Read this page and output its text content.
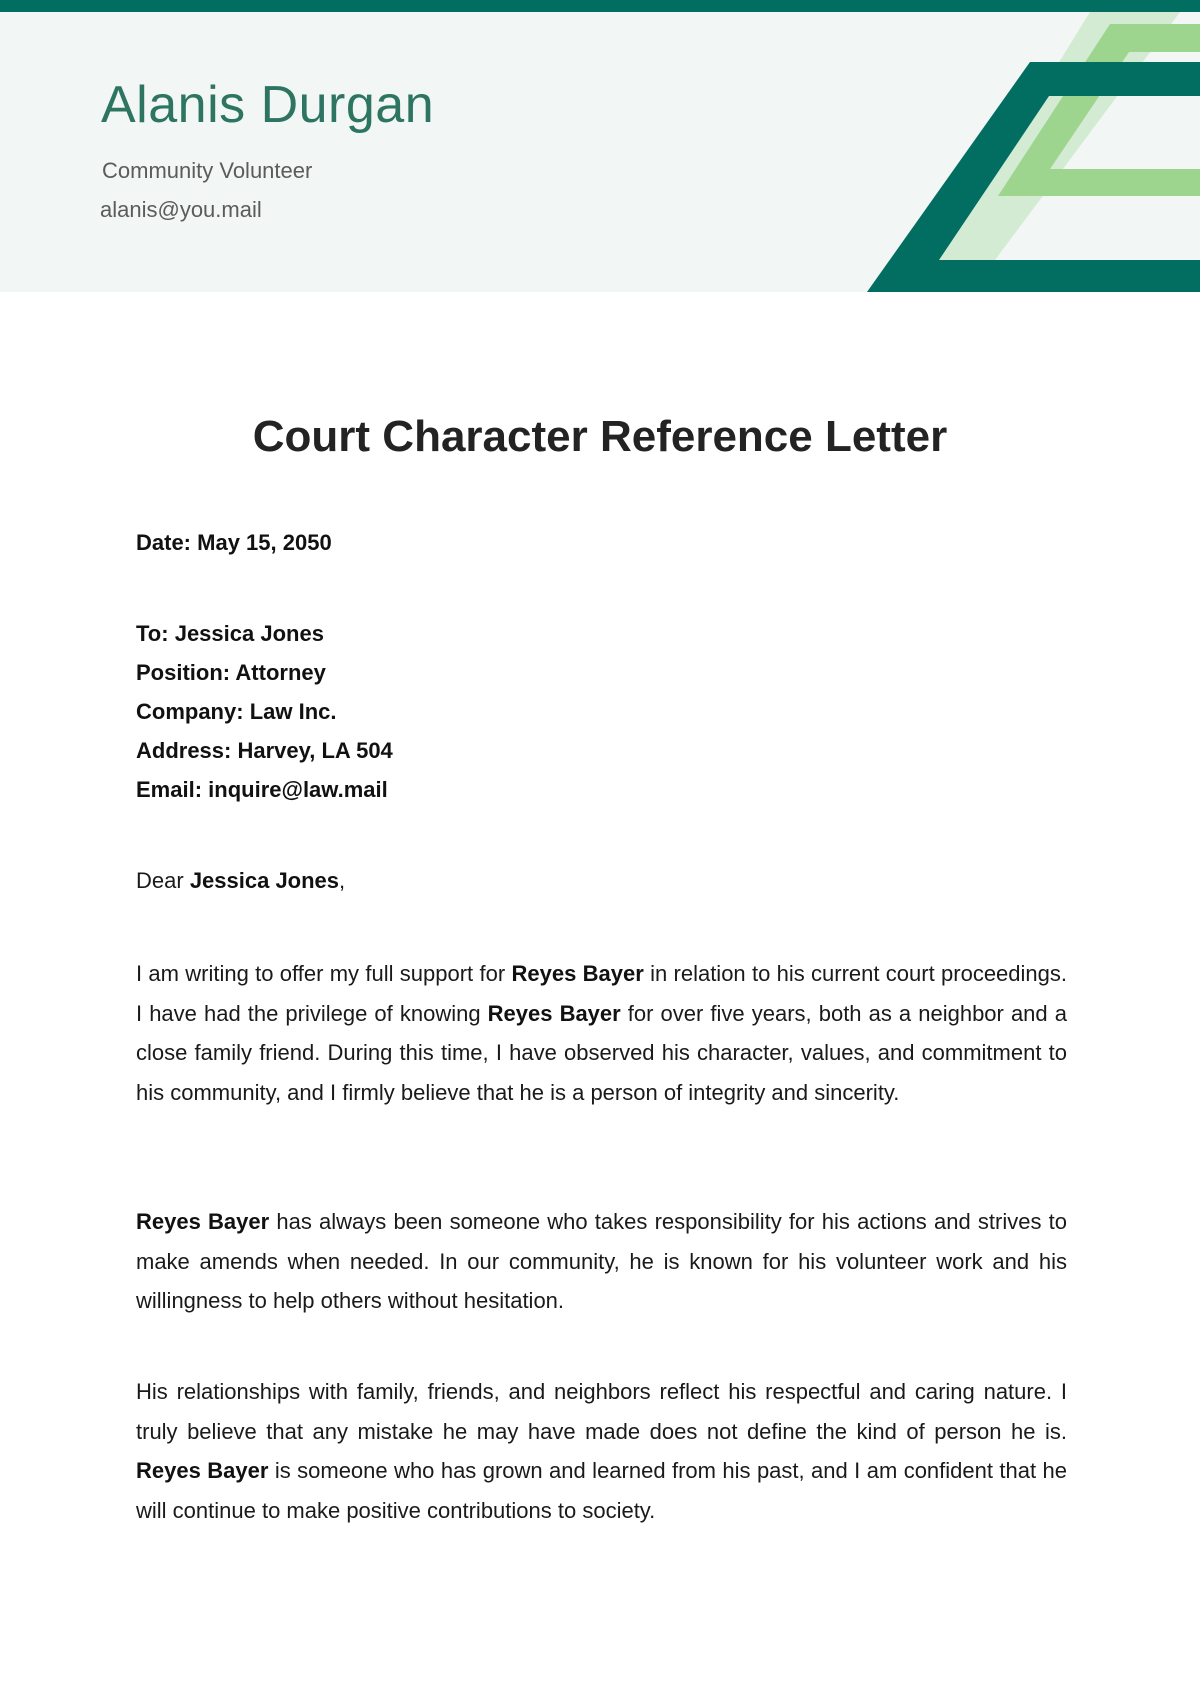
Alanis Durgan
Community Volunteer
alanis@you.mail
Court Character Reference Letter
Date: May 15, 2050
To: Jessica Jones
Position: Attorney
Company: Law Inc.
Address: Harvey, LA 504
Email: inquire@law.mail
Dear Jessica Jones,

I am writing to offer my full support for Reyes Bayer in relation to his current court proceedings. I have had the privilege of knowing Reyes Bayer for over five years, both as a neighbor and a close family friend. During this time, I have observed his character, values, and commitment to his community, and I firmly believe that he is a person of integrity and sincerity.

Reyes Bayer has always been someone who takes responsibility for his actions and strives to make amends when needed. In our community, he is known for his volunteer work and his willingness to help others without hesitation.

His relationships with family, friends, and neighbors reflect his respectful and caring nature. I truly believe that any mistake he may have made does not define the kind of person he is. Reyes Bayer is someone who has grown and learned from his past, and I am confident that he will continue to make positive contributions to society.
